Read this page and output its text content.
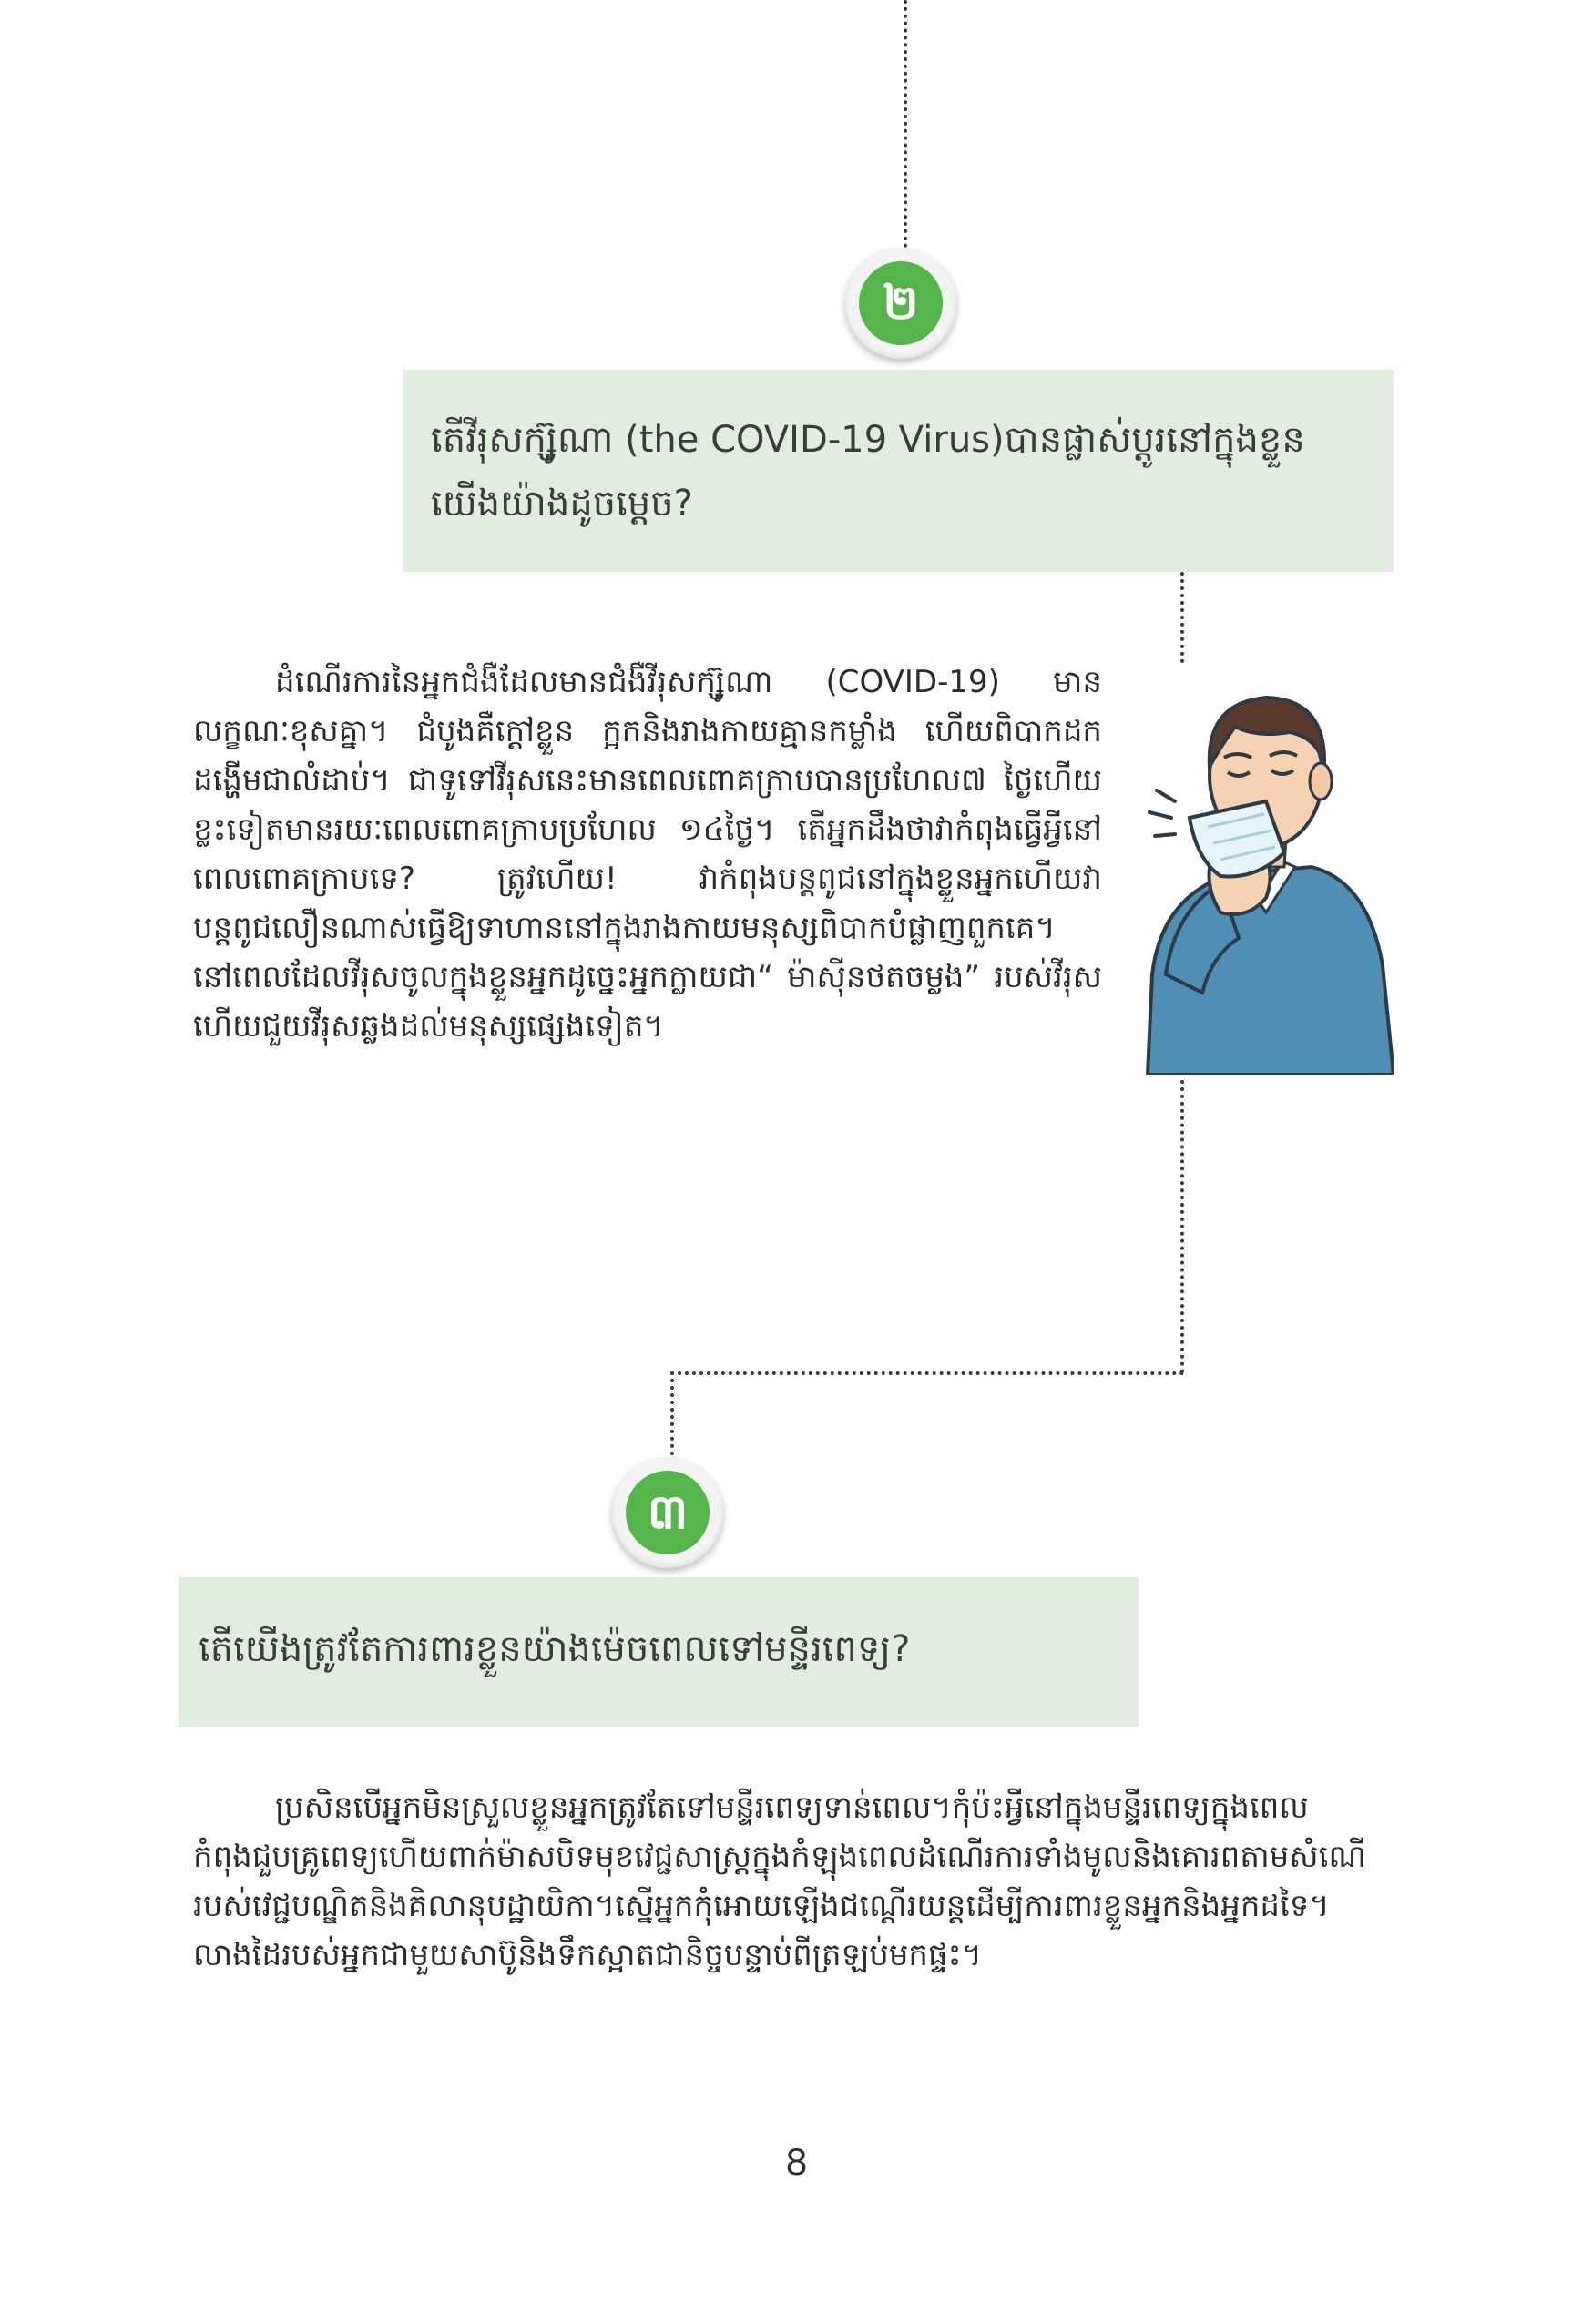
២
តើវីរុសក្ស៊ូណា (the COVID-19 Virus)បានផ្លាស់ប្តូរនៅក្នុងខ្លួនយើងយ៉ាងដូចម្តេច?

ដំណើរការនៃអ្នកជំងឺដែលមានជំងឺវីរុសក្ស៊ូណា (COVID-19) មានលក្ខណៈខុសគ្នា។ ជំបូងគឺក្តៅខ្លួន ក្អកនិងរាងកាយគ្មានកម្លាំង ហើយពិបាកដកដង្ហើមជាលំដាប់។ ជាទូទៅវីរុសនេះមានពេលពោគក្រាបបានប្រហែល៧ ថ្ងៃហើយខ្លះទៀតមានរយៈពេលពោគក្រាបប្រហែល ១៤ថ្ងៃ។ តើអ្នកដឹងថាវាកំពុងធ្វើអ្វីនៅពេលពោគក្រាបទេ? ត្រូវហើយ! វាកំពុងបន្តពូជនៅក្នុងខ្លួនអ្នកហើយវាបន្តពូជលឿនណាស់ធ្វើឱ្យទាហាននៅក្នុងរាងកាយមនុស្សពិបាកបំផ្លាញពួកគេ។ នៅពេលដែលវីរុសចូលក្នុងខ្លួនអ្នកដូច្នេះអ្នកក្លាយជា“ ម៉ាស៊ីនថតចម្លង” របស់វីរុសហើយជួយវីរុសឆ្លងដល់មនុស្សផ្សេងទៀត។

៣
តើយើងត្រូវតែការពារខ្លួនយ៉ាងម៉េចពេលទៅមន្ទីរពេទ្យ?

ប្រសិនបើអ្នកមិនស្រួលខ្លួនអ្នកត្រូវតែទៅមន្ទីរពេទ្យទាន់ពេល។កុំប៉ះអ្វីនៅក្នុងមន្ទីរពេទ្យក្នុងពេលកំពុងជួបគ្រូពេទ្យហើយពាក់ម៉ាសបិទមុខវេជ្ជសាស្រ្តក្នុងកំឡុងពេលដំណើរការទាំងមូលនិងគោរពតាមសំណើរបស់វេជ្ជបណ្ឌិតនិងគិលានុបដ្ឋាយិកា។ស្នើអ្នកកុំអោយឡើងជណ្តើរយន្តដើម្បីការពារខ្លួនអ្នកនិងអ្នកដទៃ។លាងដៃរបស់អ្នកជាមួយសាប៊ូនិងទឹកស្អាតជានិច្ចបន្ទាប់ពីត្រឡប់មកផ្ទះ។

8
